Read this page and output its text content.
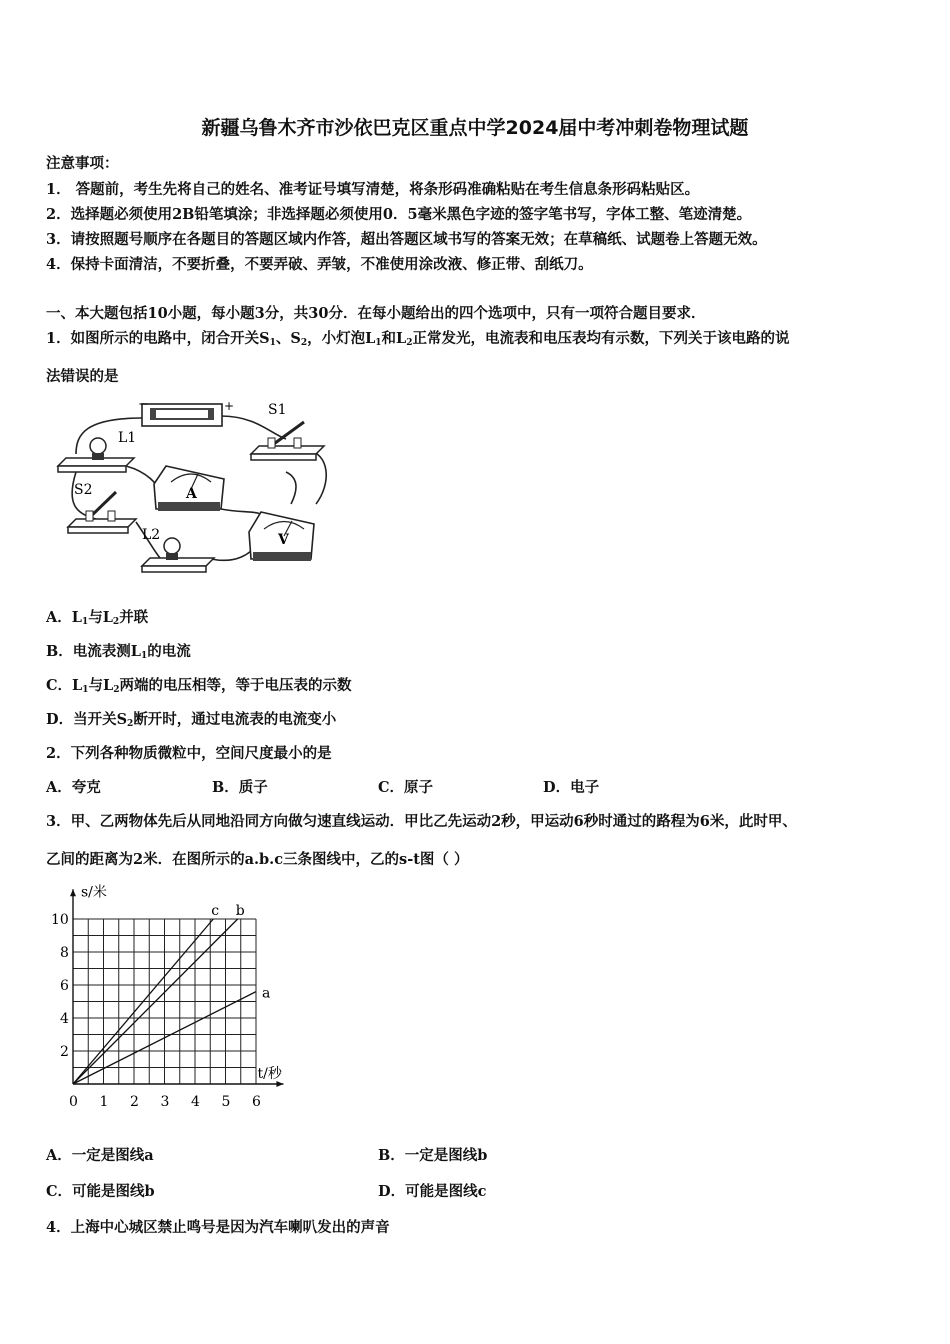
新疆乌鲁木齐市沙依巴克区重点中学2024届中考冲刺卷物理试题
注意事项：
1． 答题前，考生先将自己的姓名、准考证号填写清楚，将条形码准确粘贴在考生信息条形码粘贴区。
2．选择题必须使用2B铅笔填涂；非选择题必须使用0．5毫米黑色字迹的签字笔书写，字体工整、笔迹清楚。
3．请按照题号顺序在各题目的答题区域内作答，超出答题区域书写的答案无效；在草稿纸、试题卷上答题无效。
4．保持卡面清洁，不要折叠，不要弄破、弄皱，不准使用涂改液、修正带、刮纸刀。
一、本大题包括10小题，每小题3分，共30分．在每小题给出的四个选项中，只有一项符合题目要求．
1．如图所示的电路中，闭合开关$S_1$、$S_2$，小灯泡$L_1$和$L_2$正常发光，电流表和电压表均有示数，下列关于该电路的说
法错误的是
−	+ S1
L1
A
S2
L2	V
A．$L_1$与$L_2$并联
B．电流表测$L_1$的电流
C．$L_1$与$L_2$两端的电压相等，等于电压表的示数
D．当开关$S_2$断开时，通过电流表的电流变小
2．下列各种物质微粒中，空间尺度最小的是
A．夸克	B．质子	C．原子	D．电子
3．甲、乙两物体先后从同地沿同方向做匀速直线运动．甲比乙先运动2秒，甲运动6秒时通过的路程为6米，此时甲、
乙间的距离为2米．在图所示的a.b.c三条图线中，乙的s-t图（ ）
0 1 2 3 4 5 6
2
4
6
8
10
s/米
t/秒
a
b
c
A．一定是图线a	B．一定是图线b
C．可能是图线b	D．可能是图线c
4．上海中心城区禁止鸣号是因为汽车喇叭发出的声音
